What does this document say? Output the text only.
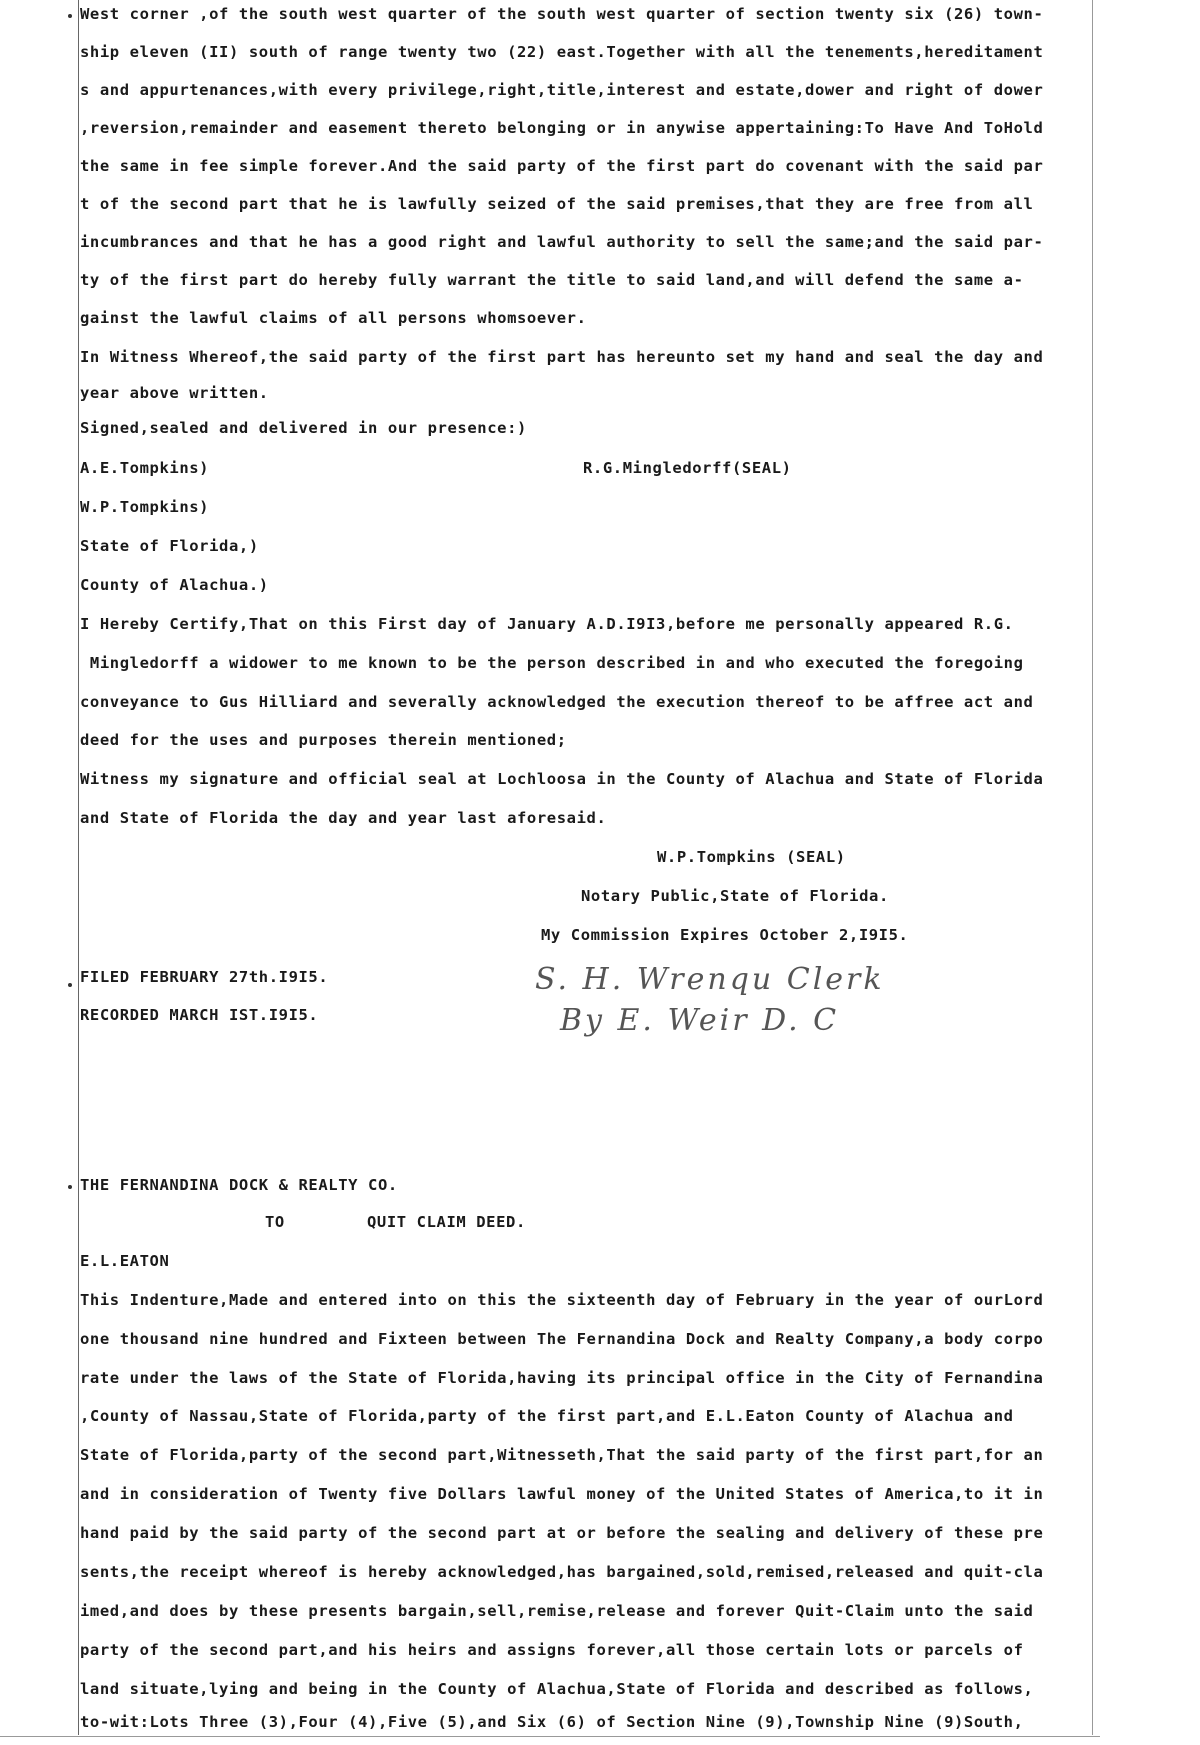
West corner ,of the south west quarter of the south west quarter of section twenty six (26) town-
ship eleven (II) south of range twenty two (22) east.Together with all the tenements,hereditament
s and appurtenances,with every privilege,right,title,interest and estate,dower and right of dower
,reversion,remainder and easement thereto belonging or in anywise appertaining:To Have And ToHold
the same in fee simple forever.And the said party of the first part do covenant with the said par
t of the second part that he is lawfully seized of the said premises,that they are free from all
incumbrances and that he has a good right and lawful authority to sell the same;and the said par-
ty of the first part do hereby fully warrant the title to said land,and will defend the same a-
gainst the lawful claims of all persons whomsoever.
In Witness Whereof,the said party of the first part has hereunto set my hand and seal the day and
year above written.
Signed,sealed and delivered in our presence:)
A.E.Tompkins)	R.G.Mingledorff(SEAL)
W.P.Tompkins)
State of Florida,)
County of Alachua.)
I Hereby Certify,That on this First day of January A.D.I9I3,before me personally appeared R.G.
Mingledorff a widower to me known to be the person described in and who executed the foregoing
conveyance to Gus Hilliard and severally acknowledged the execution thereof to be affree act and
deed for the uses and purposes therein mentioned;
Witness my signature and official seal at Lochloosa in the County of Alachua and State of Florida
and State of Florida the day and year last aforesaid.
W.P.Tompkins (SEAL)
Notary Public,State of Florida.
My Commission Expires October 2,I9I5.
FILED FEBRUARY 27th.I9I5.
RECORDED MARCH IST.I9I5.
S. H. Wrenqu Clerk
By E. Weir D. C
THE FERNANDINA DOCK & REALTY CO.
TO	QUIT CLAIM DEED.
E.L.EATON
This Indenture,Made and entered into on this the sixteenth day of February in the year of ourLord
one thousand nine hundred and Fixteen between The Fernandina Dock and Realty Company,a body corpo
rate under the laws of the State of Florida,having its principal office in the City of Fernandina
,County of Nassau,State of Florida,party of the first part,and E.L.Eaton County of Alachua and
State of Florida,party of the second part,Witnesseth,That the said party of the first part,for an
and in consideration of Twenty five Dollars lawful money of the United States of America,to it in
hand paid by the said party of the second part at or before the sealing and delivery of these pre
sents,the receipt whereof is hereby acknowledged,has bargained,sold,remised,released and quit-cla
imed,and does by these presents bargain,sell,remise,release and forever Quit-Claim unto the said
party of the second part,and his heirs and assigns forever,all those certain lots or parcels of
land situate,lying and being in the County of Alachua,State of Florida and described as follows,
to-wit:Lots Three (3),Four (4),Five (5),and Six (6) of Section Nine (9),Township Nine (9)South,
